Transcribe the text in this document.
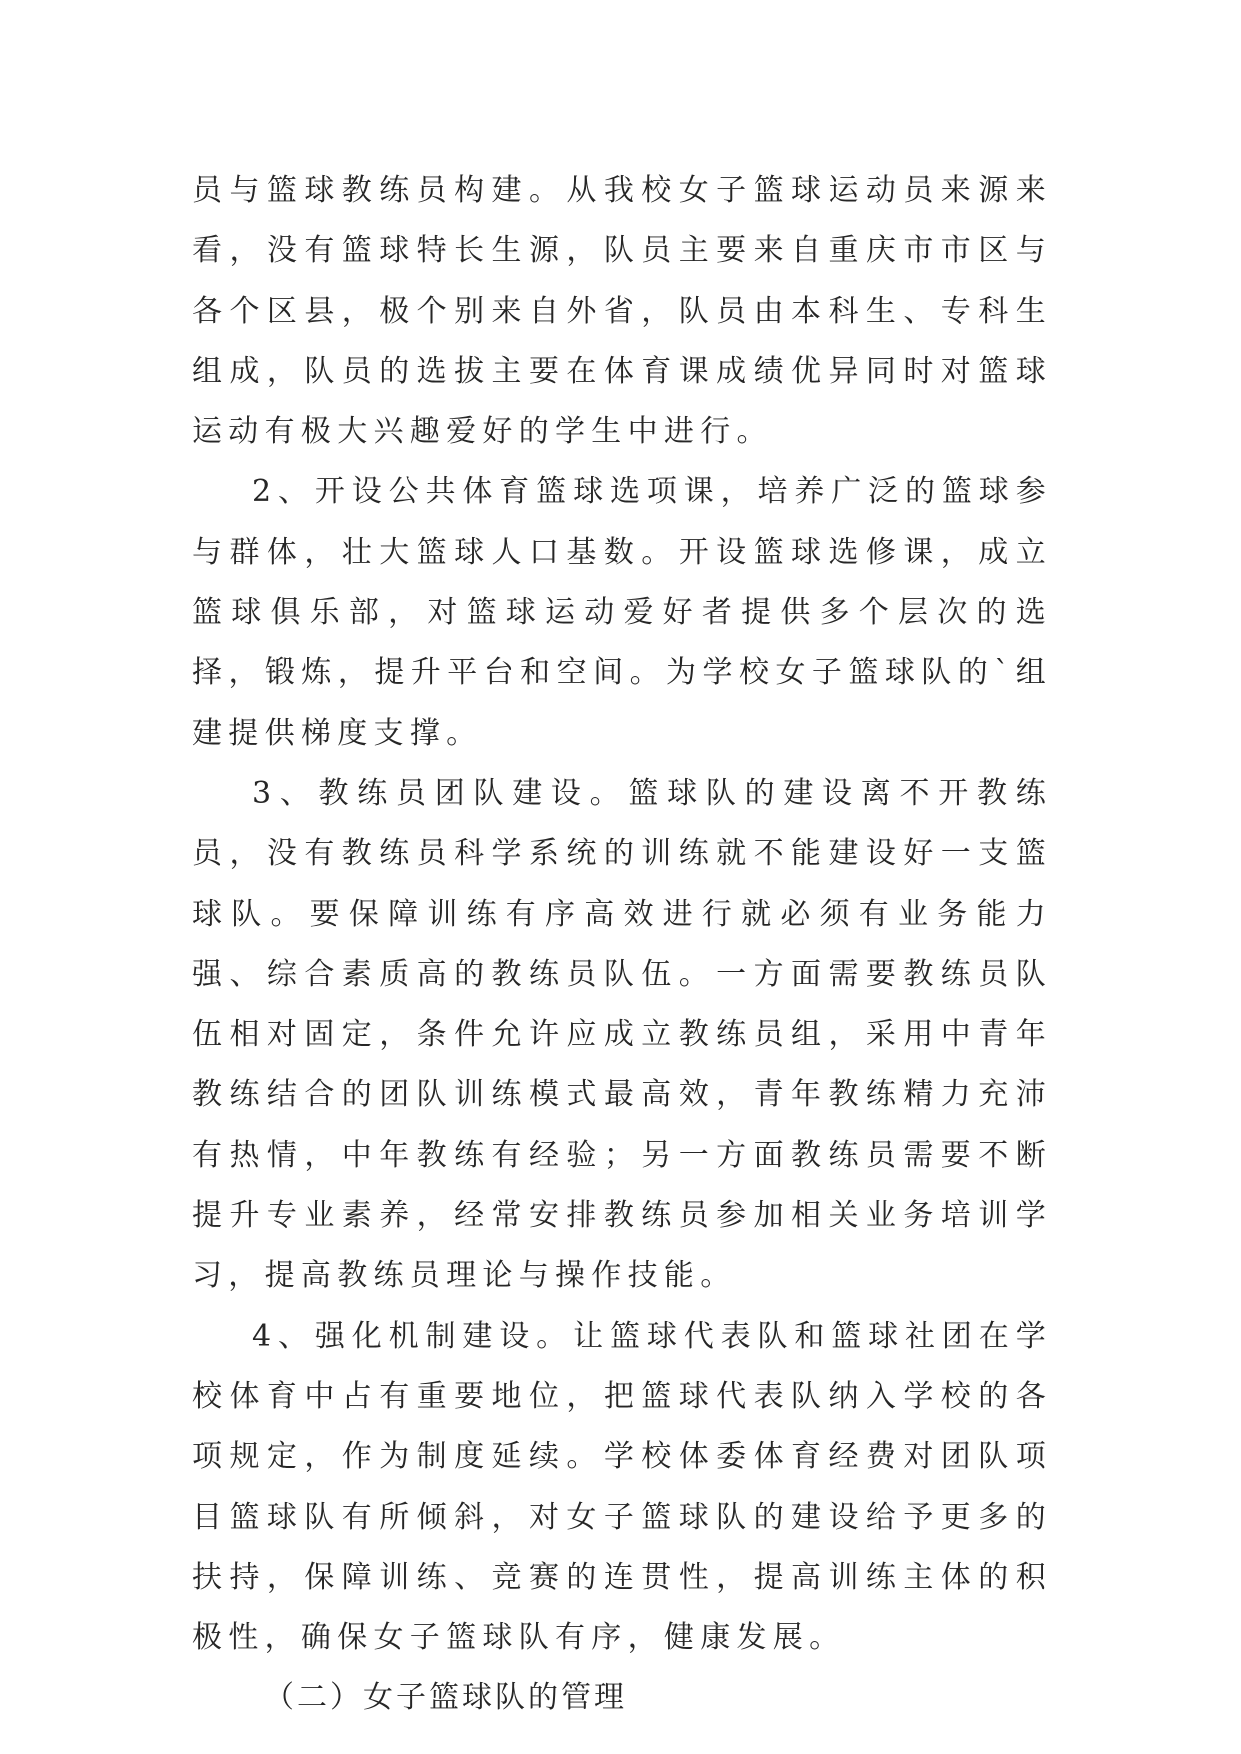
员与篮球教练员构建。从我校女子篮球运动员来源来看，没有篮球特长生源，队员主要来自重庆市市区与各个区县，极个别来自外省，队员由本科生、专科生组成，队员的选拔主要在体育课成绩优异同时对篮球运动有极大兴趣爱好的学生中进行。

2、开设公共体育篮球选项课，培养广泛的篮球参与群体，壮大篮球人口基数。开设篮球选修课，成立篮球俱乐部，对篮球运动爱好者提供多个层次的选择，锻炼，提升平台和空间。为学校女子篮球队的`组建提供梯度支撑。

3、教练员团队建设。篮球队的建设离不开教练员，没有教练员科学系统的训练就不能建设好一支篮球队。要保障训练有序高效进行就必须有业务能力强、综合素质高的教练员队伍。一方面需要教练员队伍相对固定，条件允许应成立教练员组，采用中青年教练结合的团队训练模式最高效，青年教练精力充沛有热情，中年教练有经验；另一方面教练员需要不断提升专业素养，经常安排教练员参加相关业务培训学习，提高教练员理论与操作技能。

4、强化机制建设。让篮球代表队和篮球社团在学校体育中占有重要地位，把篮球代表队纳入学校的各项规定，作为制度延续。学校体委体育经费对团队项目篮球队有所倾斜，对女子篮球队的建设给予更多的扶持，保障训练、竞赛的连贯性，提高训练主体的积极性，确保女子篮球队有序，健康发展。

（二）女子篮球队的管理
